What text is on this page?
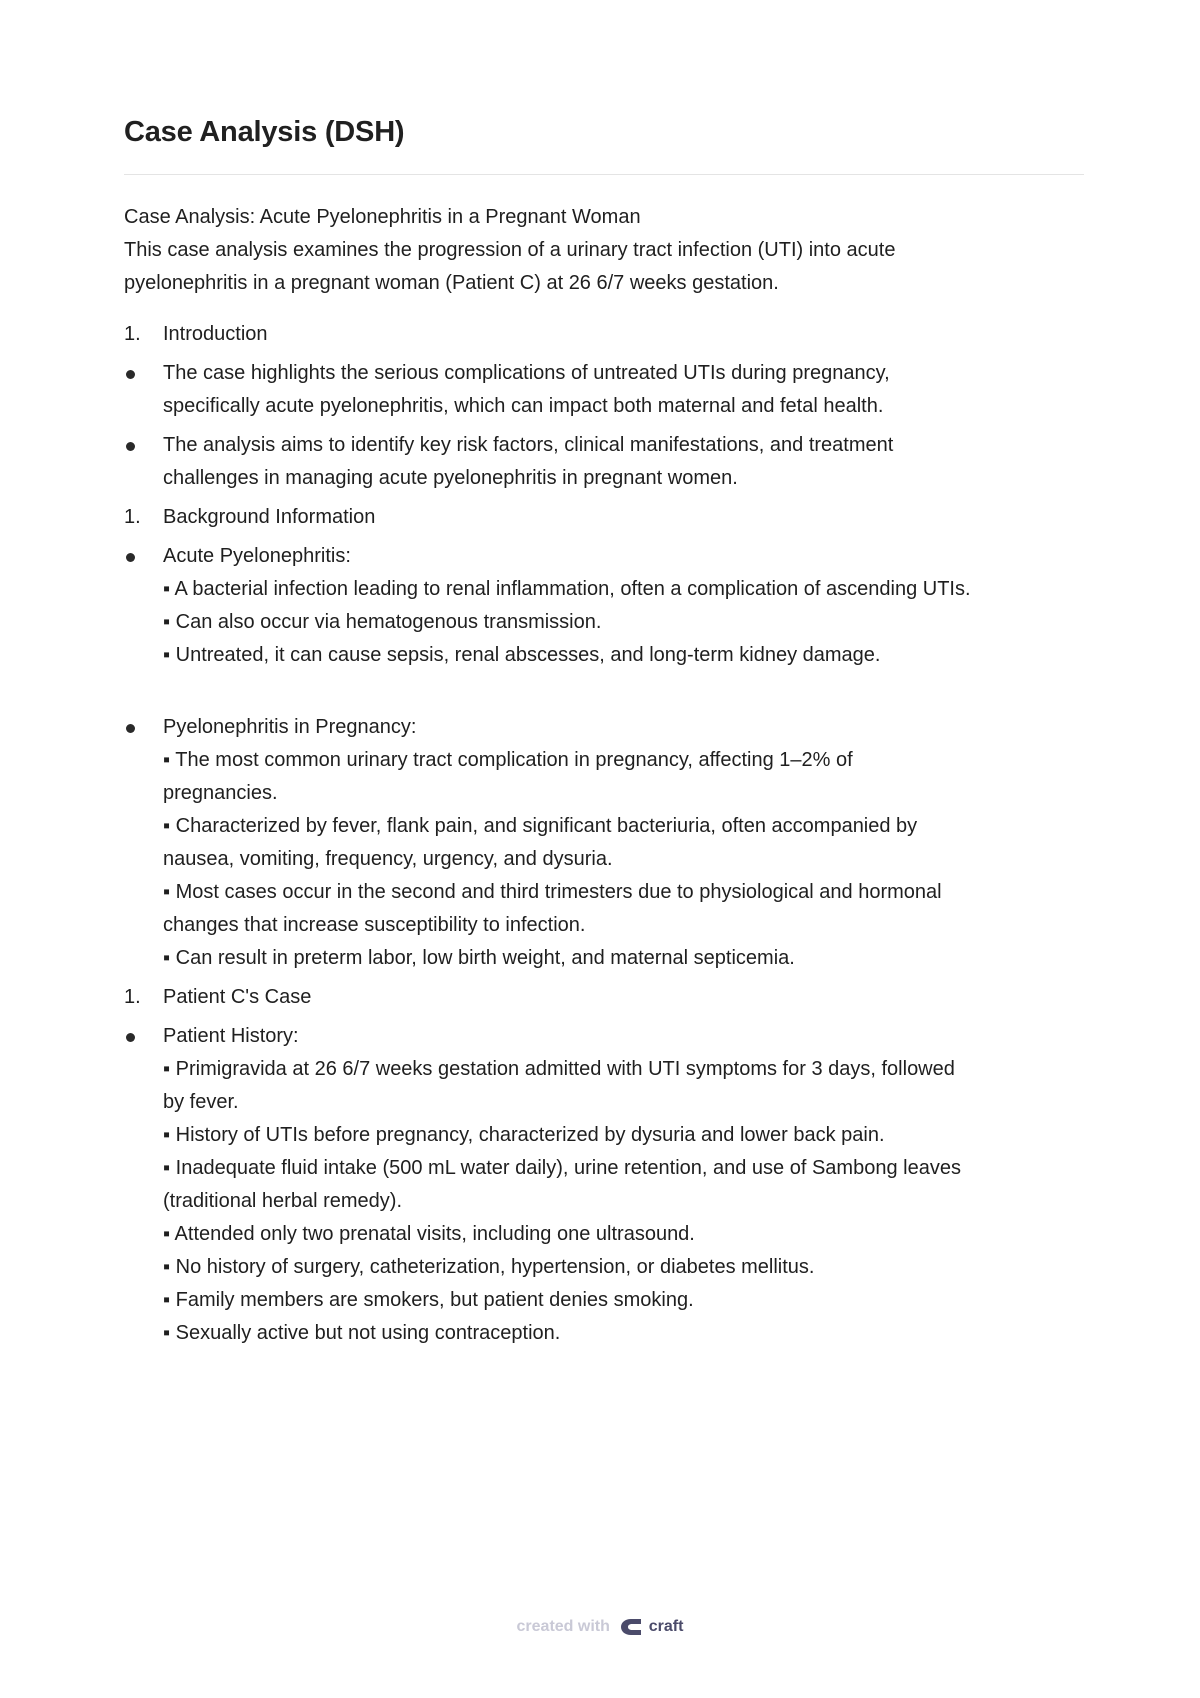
Case Analysis (DSH)

Case Analysis: Acute Pyelonephritis in a Pregnant Woman

This case analysis examines the progression of a urinary tract infection (UTI) into acute

pyelonephritis in a pregnant woman (Patient C) at 26 6/7 weeks gestation.

1.	Introduction
The case highlights the serious complications of untreated UTIs during pregnancy,
specifically acute pyelonephritis, which can impact both maternal and fetal health.
The analysis aims to identify key risk factors, clinical manifestations, and treatment
challenges in managing acute pyelonephritis in pregnant women.
1.	Background Information
Acute Pyelonephritis:
▪ A bacterial infection leading to renal inflammation, often a complication of ascending UTIs.
▪ Can also occur via hematogenous transmission.
▪ Untreated, it can cause sepsis, renal abscesses, and long-term kidney damage.
Pyelonephritis in Pregnancy:
▪ The most common urinary tract complication in pregnancy, affecting 1–2% of
pregnancies.
▪ Characterized by fever, flank pain, and significant bacteriuria, often accompanied by
nausea, vomiting, frequency, urgency, and dysuria.
▪ Most cases occur in the second and third trimesters due to physiological and hormonal
changes that increase susceptibility to infection.
▪ Can result in preterm labor, low birth weight, and maternal septicemia.
1.	Patient C's Case
Patient History:
▪ Primigravida at 26 6/7 weeks gestation admitted with UTI symptoms for 3 days, followed
by fever.
▪ History of UTIs before pregnancy, characterized by dysuria and lower back pain.
▪ Inadequate fluid intake (500 mL water daily), urine retention, and use of Sambong leaves
(traditional herbal remedy).
▪ Attended only two prenatal visits, including one ultrasound.
▪ No history of surgery, catheterization, hypertension, or diabetes mellitus.
▪ Family members are smokers, but patient denies smoking.
▪ Sexually active but not using contraception.
created with craft
